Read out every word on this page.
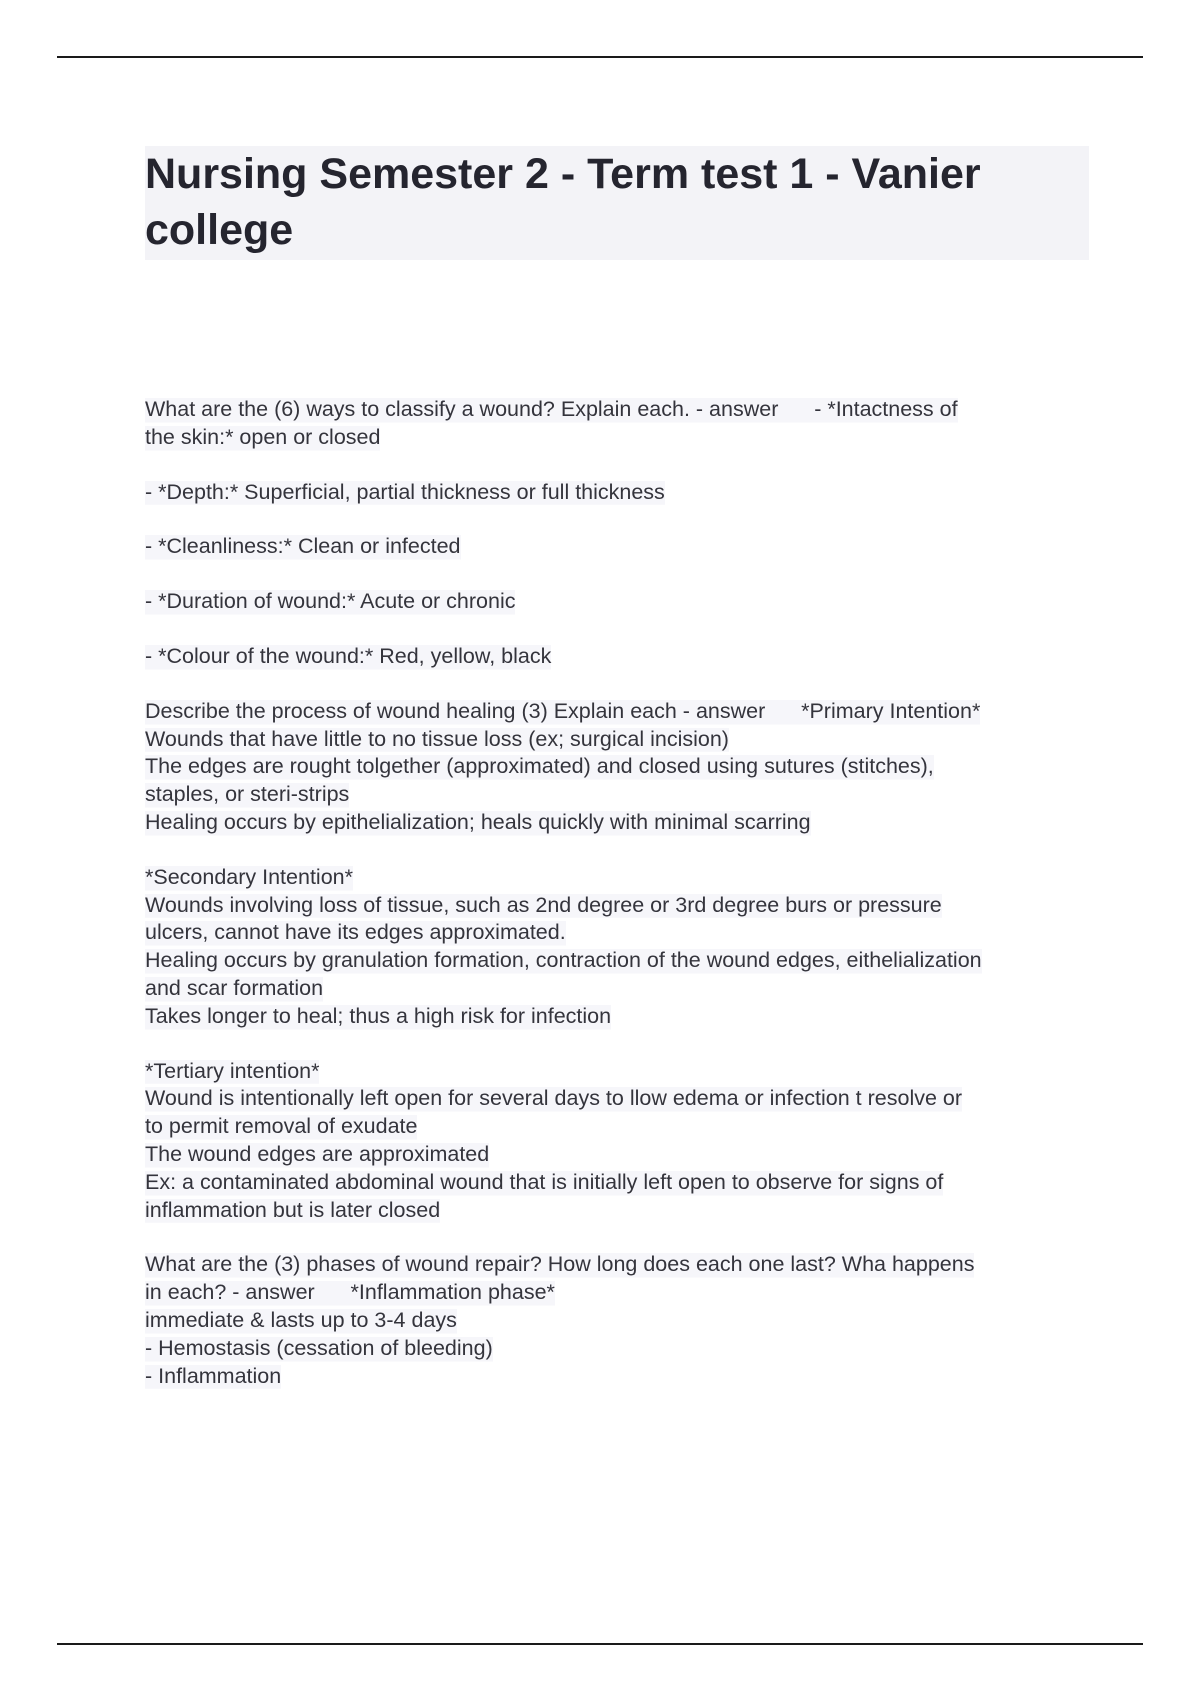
Nursing Semester 2 - Term test 1 - Vanier college
What are the (6) ways to classify a wound? Explain each. - answer      - *Intactness of
the skin:* open or closed
- *Depth:* Superficial, partial thickness or full thickness
- *Cleanliness:* Clean or infected
- *Duration of wound:* Acute or chronic
- *Colour of the wound:* Red, yellow, black
Describe the process of wound healing (3) Explain each - answer      *Primary Intention*
Wounds that have little to no tissue loss (ex; surgical incision)
The edges are rought tolgether (approximated) and closed using sutures (stitches),
staples, or steri-strips
Healing occurs by epithelialization; heals quickly with minimal scarring
*Secondary Intention*
Wounds involving loss of tissue, such as 2nd degree or 3rd degree burs or pressure
ulcers, cannot have its edges approximated.
Healing occurs by granulation formation, contraction of the wound edges, eithelialization
and scar formation
Takes longer to heal; thus a high risk for infection
*Tertiary intention*
Wound is intentionally left open for several days to llow edema or infection t resolve or
to permit removal of exudate
The wound edges are approximated
Ex: a contaminated abdominal wound that is initially left open to observe for signs of
inflammation but is later closed
What are the (3) phases of wound repair? How long does each one last? Wha happens
in each? - answer      *Inflammation phase*
immediate & lasts up to 3-4 days
- Hemostasis (cessation of bleeding)
- Inflammation
